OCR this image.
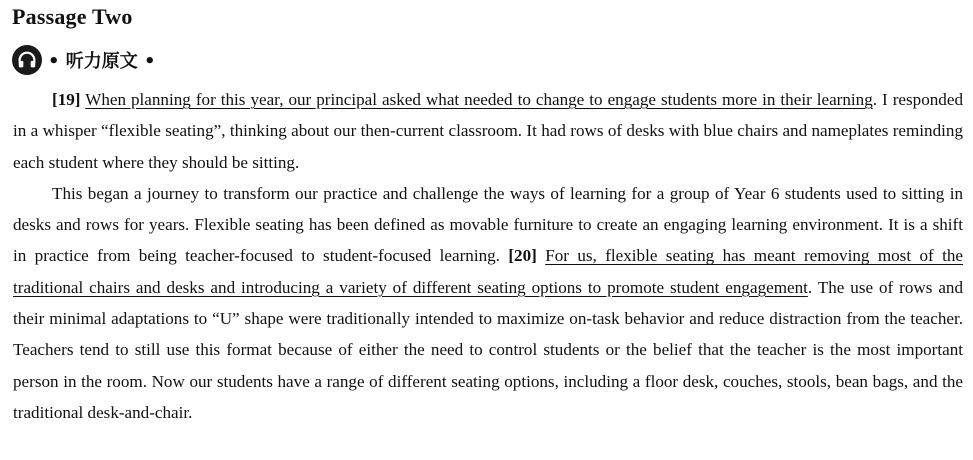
Passage Two
• 听力原文 •

[19] When planning for this year, our principal asked what needed to change to engage students more in their learning. I responded in a whisper “flexible seating”, thinking about our then-current classroom. It had rows of desks with blue chairs and nameplates reminding each student where they should be sitting.

This began a journey to transform our practice and challenge the ways of learning for a group of Year 6 students used to sitting in desks and rows for years. Flexible seating has been defined as movable furniture to create an engaging learning environment. It is a shift in practice from being teacher-focused to student-focused learning. [20] For us, flexible seating has meant removing most of the traditional chairs and desks and introducing a variety of different seating options to promote student engagement. The use of rows and their minimal adaptations to “U” shape were traditionally intended to maximize on-task behavior and reduce distraction from the teacher. Teachers tend to still use this format because of either the need to control students or the belief that the teacher is the most important person in the room. Now our students have a range of different seating options, including a floor desk, couches, stools, bean bags, and the traditional desk-and-chair.
